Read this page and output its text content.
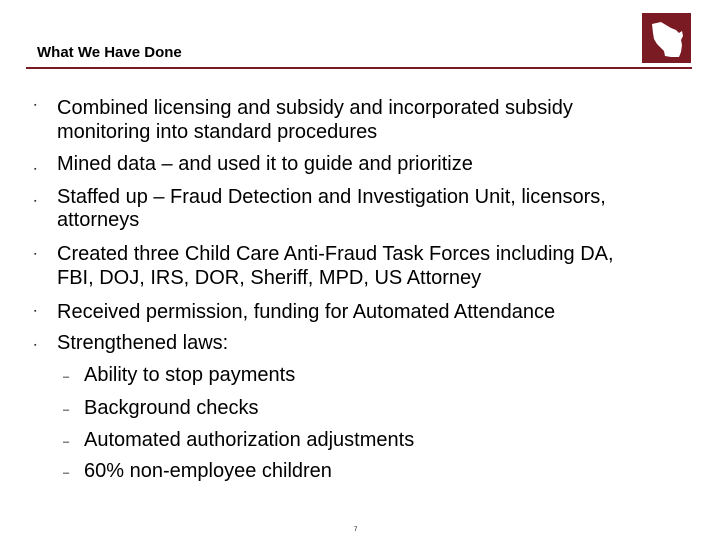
What We Have Done
▪ Combined licensing and subsidy and incorporated subsidy
monitoring into standard procedures
▪ Mined data – and used it to guide and prioritize
▪ Staffed up – Fraud Detection and Investigation Unit, licensors,
attorneys
▪ Created three Child Care Anti-Fraud Task Forces including DA,
FBI, DOJ, IRS, DOR, Sheriff, MPD, US Attorney
▪ Received permission, funding for Automated Attendance
▪ Strengthened laws:
– Ability to stop payments
– Background checks
– Automated authorization adjustments
– 60% non-employee children
7
